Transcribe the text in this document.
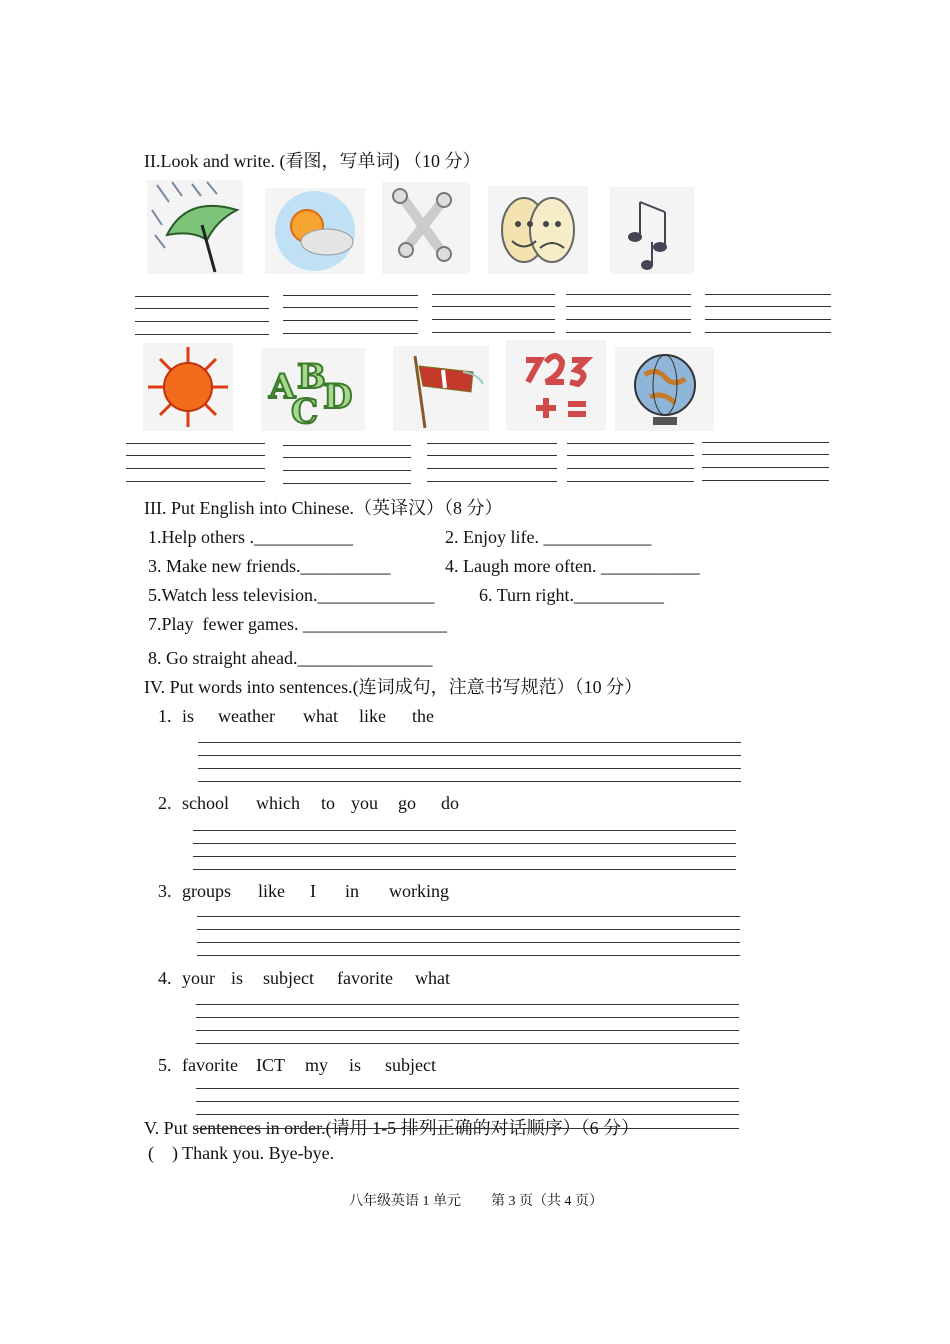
II.Look and write. (看图，写单词) （10 分）
A B
C D
III. Put English into Chinese.（英译汉）（8 分）
1.Help others .___________	2. Enjoy life. ____________
3. Make new friends.__________	4. Laugh more often. ___________
5.Watch less television._____________ 6. Turn right.__________
7.Play  fewer games. ________________
8. Go straight ahead._______________
IV. Put words into sentences.(连词成句，注意书写规范）（10 分）
1. is weather what like the
2. school which to you go do
3. groups like I in working
4. your is subject favorite what
5. favorite ICT my is subject
V. Put sentences in order.(请用 1-5 排列正确的对话顺序）（6 分）
(    ) Thank you. Bye-bye.
八年级英语 1 单元 第 3 页（共 4 页）
